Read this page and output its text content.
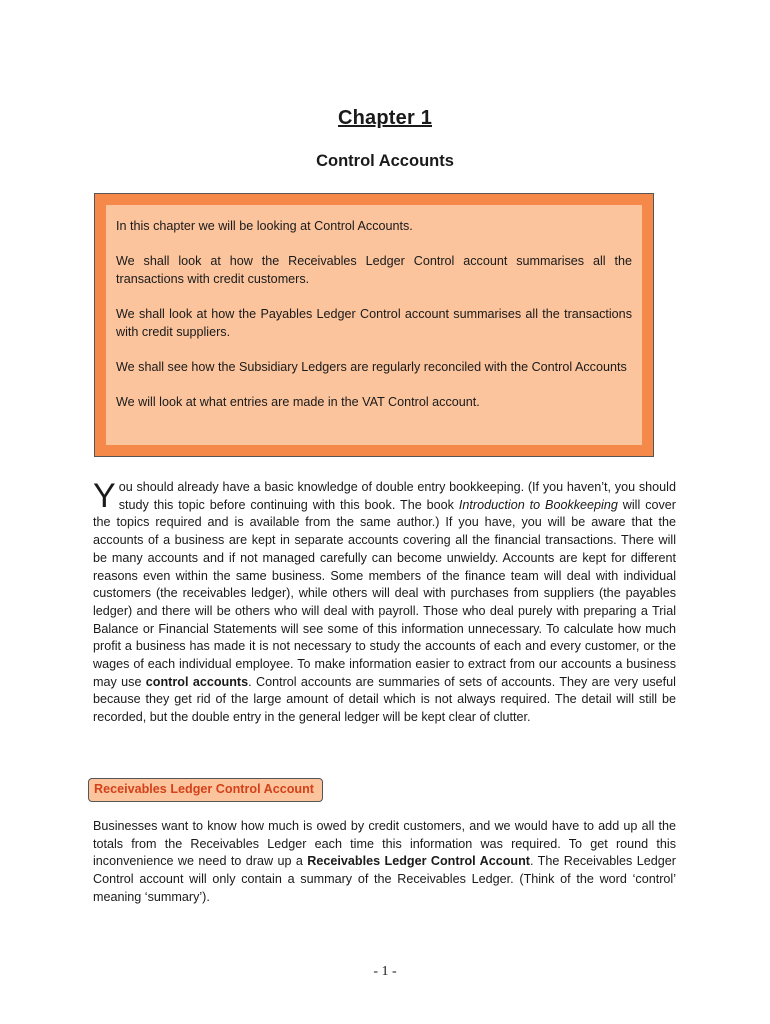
Chapter 1
Control Accounts

In this chapter we will be looking at Control Accounts.

We shall look at how the Receivables Ledger Control account summarises all the transactions with credit customers.

We shall look at how the Payables Ledger Control account summarises all the transactions with credit suppliers.

We shall see how the Subsidiary Ledgers are regularly reconciled with the Control Accounts

We will look at what entries are made in the VAT Control account.

You should already have a basic knowledge of double entry bookkeeping. (If you haven’t, you should study this topic before continuing with this book. The book Introduction to Bookkeeping will cover the topics required and is available from the same author.) If you have, you will be aware that the accounts of a business are kept in separate accounts covering all the financial transactions. There will be many accounts and if not managed carefully can become unwieldy. Accounts are kept for different reasons even within the same business. Some members of the finance team will deal with individual customers (the receivables ledger), while others will deal with purchases from suppliers (the payables ledger) and there will be others who will deal with payroll. Those who deal purely with preparing a Trial Balance or Financial Statements will see some of this information unnecessary. To calculate how much profit a business has made it is not necessary to study the accounts of each and every customer, or the wages of each individual employee. To make information easier to extract from our accounts a business may use control accounts. Control accounts are summaries of sets of accounts. They are very useful because they get rid of the large amount of detail which is not always required. The detail will still be recorded, but the double entry in the general ledger will be kept clear of clutter.
Receivables Ledger Control Account
Businesses want to know how much is owed by credit customers, and we would have to add up all the totals from the Receivables Ledger each time this information was required. To get round this inconvenience we need to draw up a Receivables Ledger Control Account. The Receivables Ledger Control account will only contain a summary of the Receivables Ledger. (Think of the word ‘control’ meaning ‘summary’).
- 1 -
